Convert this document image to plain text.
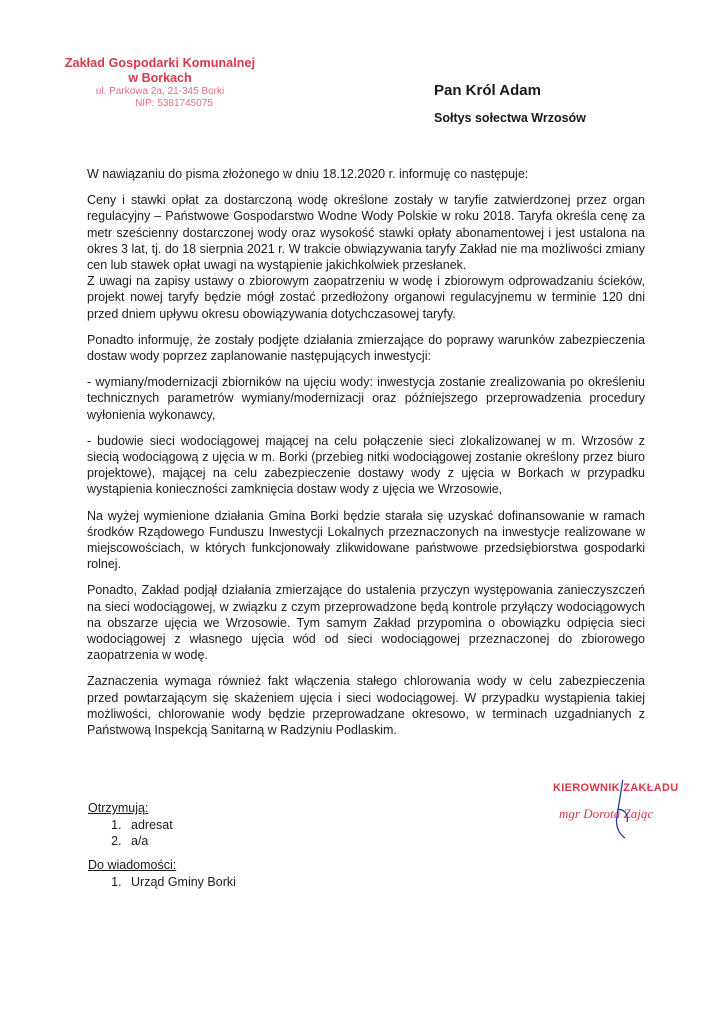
Zakład Gospodarki Komunalnej
w Borkach
ul. Parkowa 2a, 21-345 Borki
NIP: 5381745075
Pan Król Adam
Sołtys sołectwa Wrzosów

W nawiązaniu do pisma złożonego w dniu 18.12.2020 r. informuję co następuje:

Ceny i stawki opłat za dostarczoną wodę określone zostały w taryfie zatwierdzonej przez organ regulacyjny – Państwowe Gospodarstwo Wodne Wody Polskie w roku 2018. Taryfa określa cenę za metr sześcienny dostarczonej wody oraz wysokość stawki opłaty abonamentowej i jest ustalona na okres 3 lat, tj. do 18 sierpnia 2021 r. W trakcie obwiązywania taryfy Zakład nie ma możliwości zmiany cen lub stawek opłat uwagi na wystąpienie jakichkolwiek przesłanek.

Z uwagi na zapisy ustawy o zbiorowym zaopatrzeniu w wodę i zbiorowym odprowadzaniu ścieków, projekt nowej taryfy będzie mógł zostać przedłożony organowi regulacyjnemu w terminie 120 dni przed dniem upływu okresu obowiązywania dotychczasowej taryfy.

Ponadto informuję, że zostały podjęte działania zmierzające do poprawy warunków zabezpieczenia dostaw wody poprzez zaplanowanie następujących inwestycji:

- wymiany/modernizacji zbiorników na ujęciu wody: inwestycja zostanie zrealizowania po określeniu technicznych parametrów wymiany/modernizacji oraz późniejszego przeprowadzenia procedury wyłonienia wykonawcy,

- budowie sieci wodociągowej mającej na celu połączenie sieci zlokalizowanej w m. Wrzosów z siecią wodociągową z ujęcia w m. Borki (przebieg nitki wodociągowej zostanie określony przez biuro projektowe), mającej na celu zabezpieczenie dostawy wody z ujęcia w Borkach w przypadku wystąpienia konieczności zamknięcia dostaw wody z ujęcia we Wrzosowie,

Na wyżej wymienione działania Gmina Borki będzie starała się uzyskać dofinansowanie w ramach środków Rządowego Funduszu Inwestycji Lokalnych przeznaczonych na inwestycje realizowane w miejscowościach, w których funkcjonowały zlikwidowane państwowe przedsiębiorstwa gospodarki rolnej.

Ponadto, Zakład podjął działania zmierzające do ustalenia przyczyn występowania zanieczyszczeń na sieci wodociągowej, w związku z czym przeprowadzone będą kontrole przyłączy wodociągowych na obszarze ujęcia we Wrzosowie. Tym samym Zakład przypomina o obowiązku odpięcia sieci wodociągowej z własnego ujęcia wód od sieci wodociągowej przeznaczonej do zbiorowego zaopatrzenia w wodę.

Zaznaczenia wymaga również fakt włączenia stałego chlorowania wody w celu zabezpieczenia przed powtarzającym się skażeniem ujęcia i sieci wodociągowej. W przypadku wystąpienia takiej możliwości, chlorowanie wody będzie przeprowadzane okresowo, w terminach uzgadnianych z Państwową Inspekcją Sanitarną w Radzyniu Podlaskim.

KIEROWNIK ZAKŁADU
mgr Dorota Zając
Otrzymują:
1. adresat
2. a/a
Do wiadomości:
1. Urząd Gminy Borki
